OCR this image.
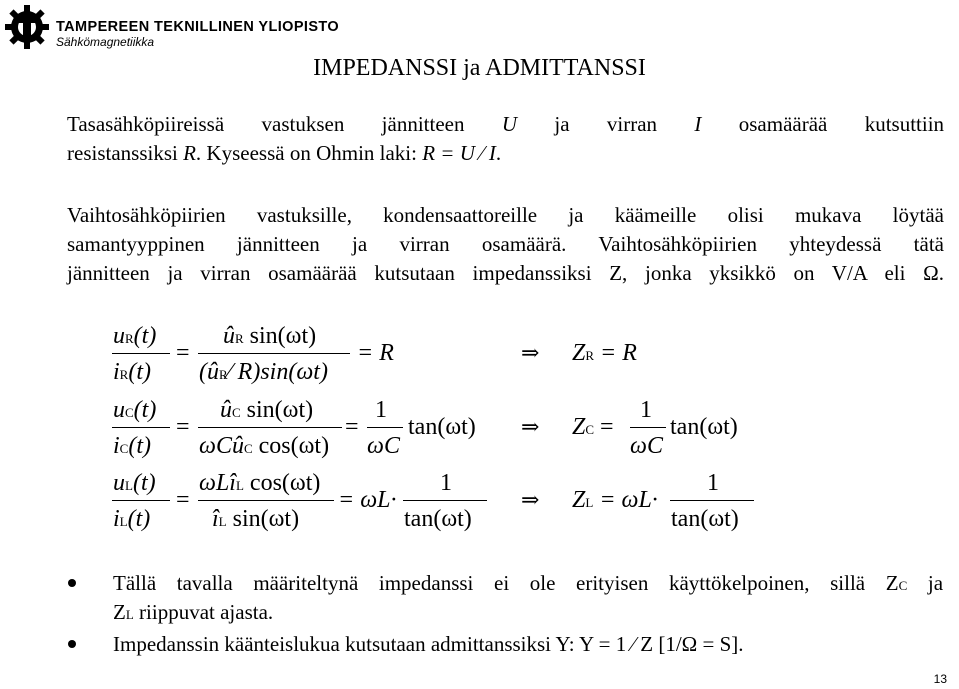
TAMPEREEN TEKNILLINEN YLIOPISTO
Sähkömagnetiikka
IMPEDANSSI ja ADMITTANSSI
Tasasähköpiireissä vastuksen jännitteen U ja virran I osamäärää kutsuttiin
resistanssiksi R. Kyseessä on Ohmin laki: R = U ⁄ I.
Vaihtosähköpiirien vastuksille, kondensaattoreille ja käämeille olisi mukava löytää
samantyyppinen jännitteen ja virran osamäärä. Vaihtosähköpiirien yhteydessä tätä
jännitteen ja virran osamäärää kutsutaan impedanssiksi Z, jonka yksikkö on V/A eli Ω.
uR(t)
iR(t)
=
ûR sin(ωt)
(ûR⁄ R)sin(ωt)
= R	⇒ ZR = R
uC(t)
iC(t)
=
ûC sin(ωt)
ωCûC cos(ωt)
=
1
ωC
tan(ωt) ⇒ ZC =
1
ωC
tan(ωt)
uL(t)
iL(t)
=
ωLîL cos(ωt)
îL sin(ωt)
= ωL·
1
tan(ωt)
⇒ ZL = ωL·
1
tan(ωt)
Tällä tavalla määriteltynä impedanssi ei ole erityisen käyttökelpoinen, sillä ZC ja
ZL riippuvat ajasta.
Impedanssin käänteislukua kutsutaan admittanssiksi Y: Y = 1 ⁄ Z [1/Ω = S].
13
